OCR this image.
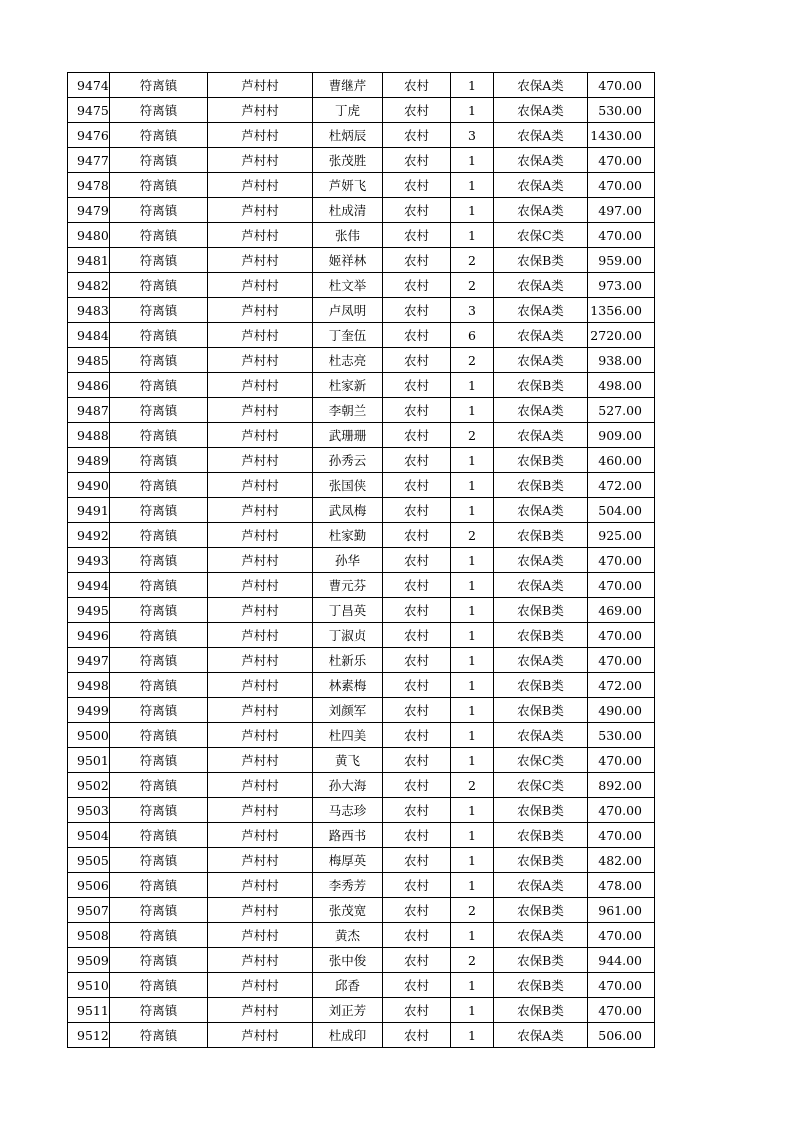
9474	符离镇	芦村村	曹继芹	农村	1	农保A类	470.00
9475	符离镇	芦村村	丁虎	农村	1	农保A类	530.00
9476	符离镇	芦村村	杜炳辰	农村	3	农保A类	1430.00
9477	符离镇	芦村村	张茂胜	农村	1	农保A类	470.00
9478	符离镇	芦村村	芦妍飞	农村	1	农保A类	470.00
9479	符离镇	芦村村	杜成清	农村	1	农保A类	497.00
9480	符离镇	芦村村	张伟	农村	1	农保C类	470.00
9481	符离镇	芦村村	姬祥林	农村	2	农保B类	959.00
9482	符离镇	芦村村	杜文举	农村	2	农保A类	973.00
9483	符离镇	芦村村	卢凤明	农村	3	农保A类	1356.00
9484	符离镇	芦村村	丁奎伍	农村	6	农保A类	2720.00
9485	符离镇	芦村村	杜志亮	农村	2	农保A类	938.00
9486	符离镇	芦村村	杜家新	农村	1	农保B类	498.00
9487	符离镇	芦村村	李朝兰	农村	1	农保A类	527.00
9488	符离镇	芦村村	武珊珊	农村	2	农保A类	909.00
9489	符离镇	芦村村	孙秀云	农村	1	农保B类	460.00
9490	符离镇	芦村村	张国侠	农村	1	农保B类	472.00
9491	符离镇	芦村村	武凤梅	农村	1	农保A类	504.00
9492	符离镇	芦村村	杜家勤	农村	2	农保B类	925.00
9493	符离镇	芦村村	孙华	农村	1	农保A类	470.00
9494	符离镇	芦村村	曹元芬	农村	1	农保A类	470.00
9495	符离镇	芦村村	丁昌英	农村	1	农保B类	469.00
9496	符离镇	芦村村	丁淑贞	农村	1	农保B类	470.00
9497	符离镇	芦村村	杜新乐	农村	1	农保A类	470.00
9498	符离镇	芦村村	林素梅	农村	1	农保B类	472.00
9499	符离镇	芦村村	刘颜军	农村	1	农保B类	490.00
9500	符离镇	芦村村	杜四美	农村	1	农保A类	530.00
9501	符离镇	芦村村	黄飞	农村	1	农保C类	470.00
9502	符离镇	芦村村	孙大海	农村	2	农保C类	892.00
9503	符离镇	芦村村	马志珍	农村	1	农保B类	470.00
9504	符离镇	芦村村	路西书	农村	1	农保B类	470.00
9505	符离镇	芦村村	梅厚英	农村	1	农保B类	482.00
9506	符离镇	芦村村	李秀芳	农村	1	农保A类	478.00
9507	符离镇	芦村村	张茂宽	农村	2	农保B类	961.00
9508	符离镇	芦村村	黄杰	农村	1	农保A类	470.00
9509	符离镇	芦村村	张中俊	农村	2	农保B类	944.00
9510	符离镇	芦村村	邱香	农村	1	农保B类	470.00
9511	符离镇	芦村村	刘正芳	农村	1	农保B类	470.00
9512	符离镇	芦村村	杜成印	农村	1	农保A类	506.00
